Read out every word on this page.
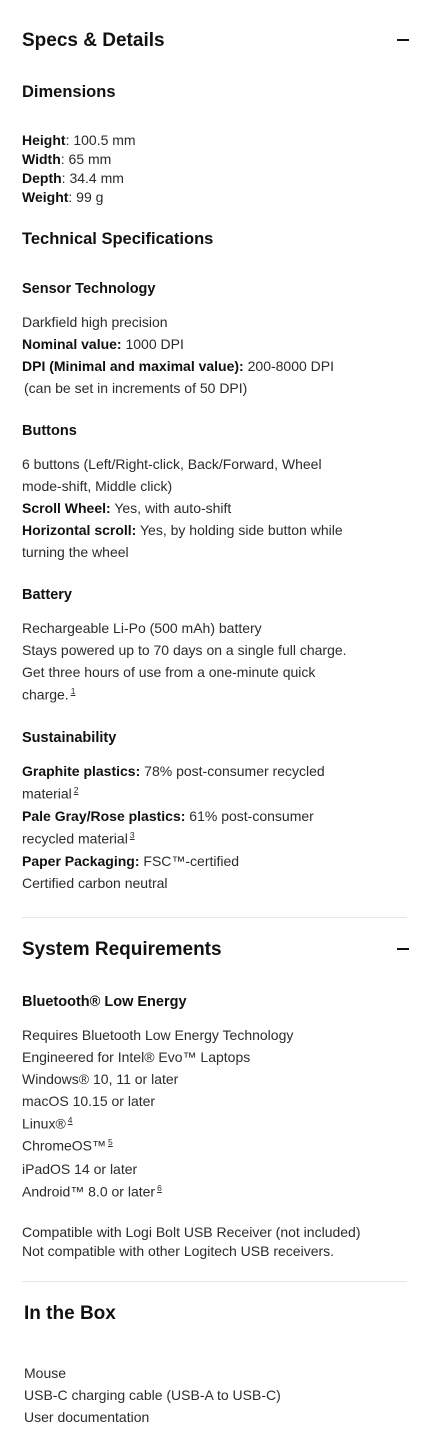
Specs & Details
Dimensions
Height: 100.5 mm
Width: 65 mm
Depth: 34.4 mm
Weight: 99 g
Technical Specifications
Sensor Technology
Darkfield high precision
Nominal value: 1000 DPI
DPI (Minimal and maximal value): 200-8000 DPI
(can be set in increments of 50 DPI)
Buttons
6 buttons (Left/Right-click, Back/Forward, Wheel
mode-shift, Middle click)
Scroll Wheel: Yes, with auto-shift
Horizontal scroll: Yes, by holding side button while
turning the wheel
Battery
Rechargeable Li-Po (500 mAh) battery
Stays powered up to 70 days on a single full charge.
Get three hours of use from a one-minute quick
charge. $^1$
Sustainability
Graphite plastics: 78% post-consumer recycled
material $^2$
Pale Gray/Rose plastics: 61% post-consumer
recycled material $^3$
Paper Packaging: FSC™-certified
Certified carbon neutral
System Requirements
Bluetooth® Low Energy
Requires Bluetooth Low Energy Technology
Engineered for Intel® Evo™ Laptops
Windows® 10, 11 or later
macOS 10.15 or later
Linux® $^4$
ChromeOS™ $^5$
iPadOS 14 or later
Android™ 8.0 or later $^6$
Compatible with Logi Bolt USB Receiver (not included)
Not compatible with other Logitech USB receivers.
In the Box
Mouse
USB-C charging cable (USB-A to USB-C)
User documentation
